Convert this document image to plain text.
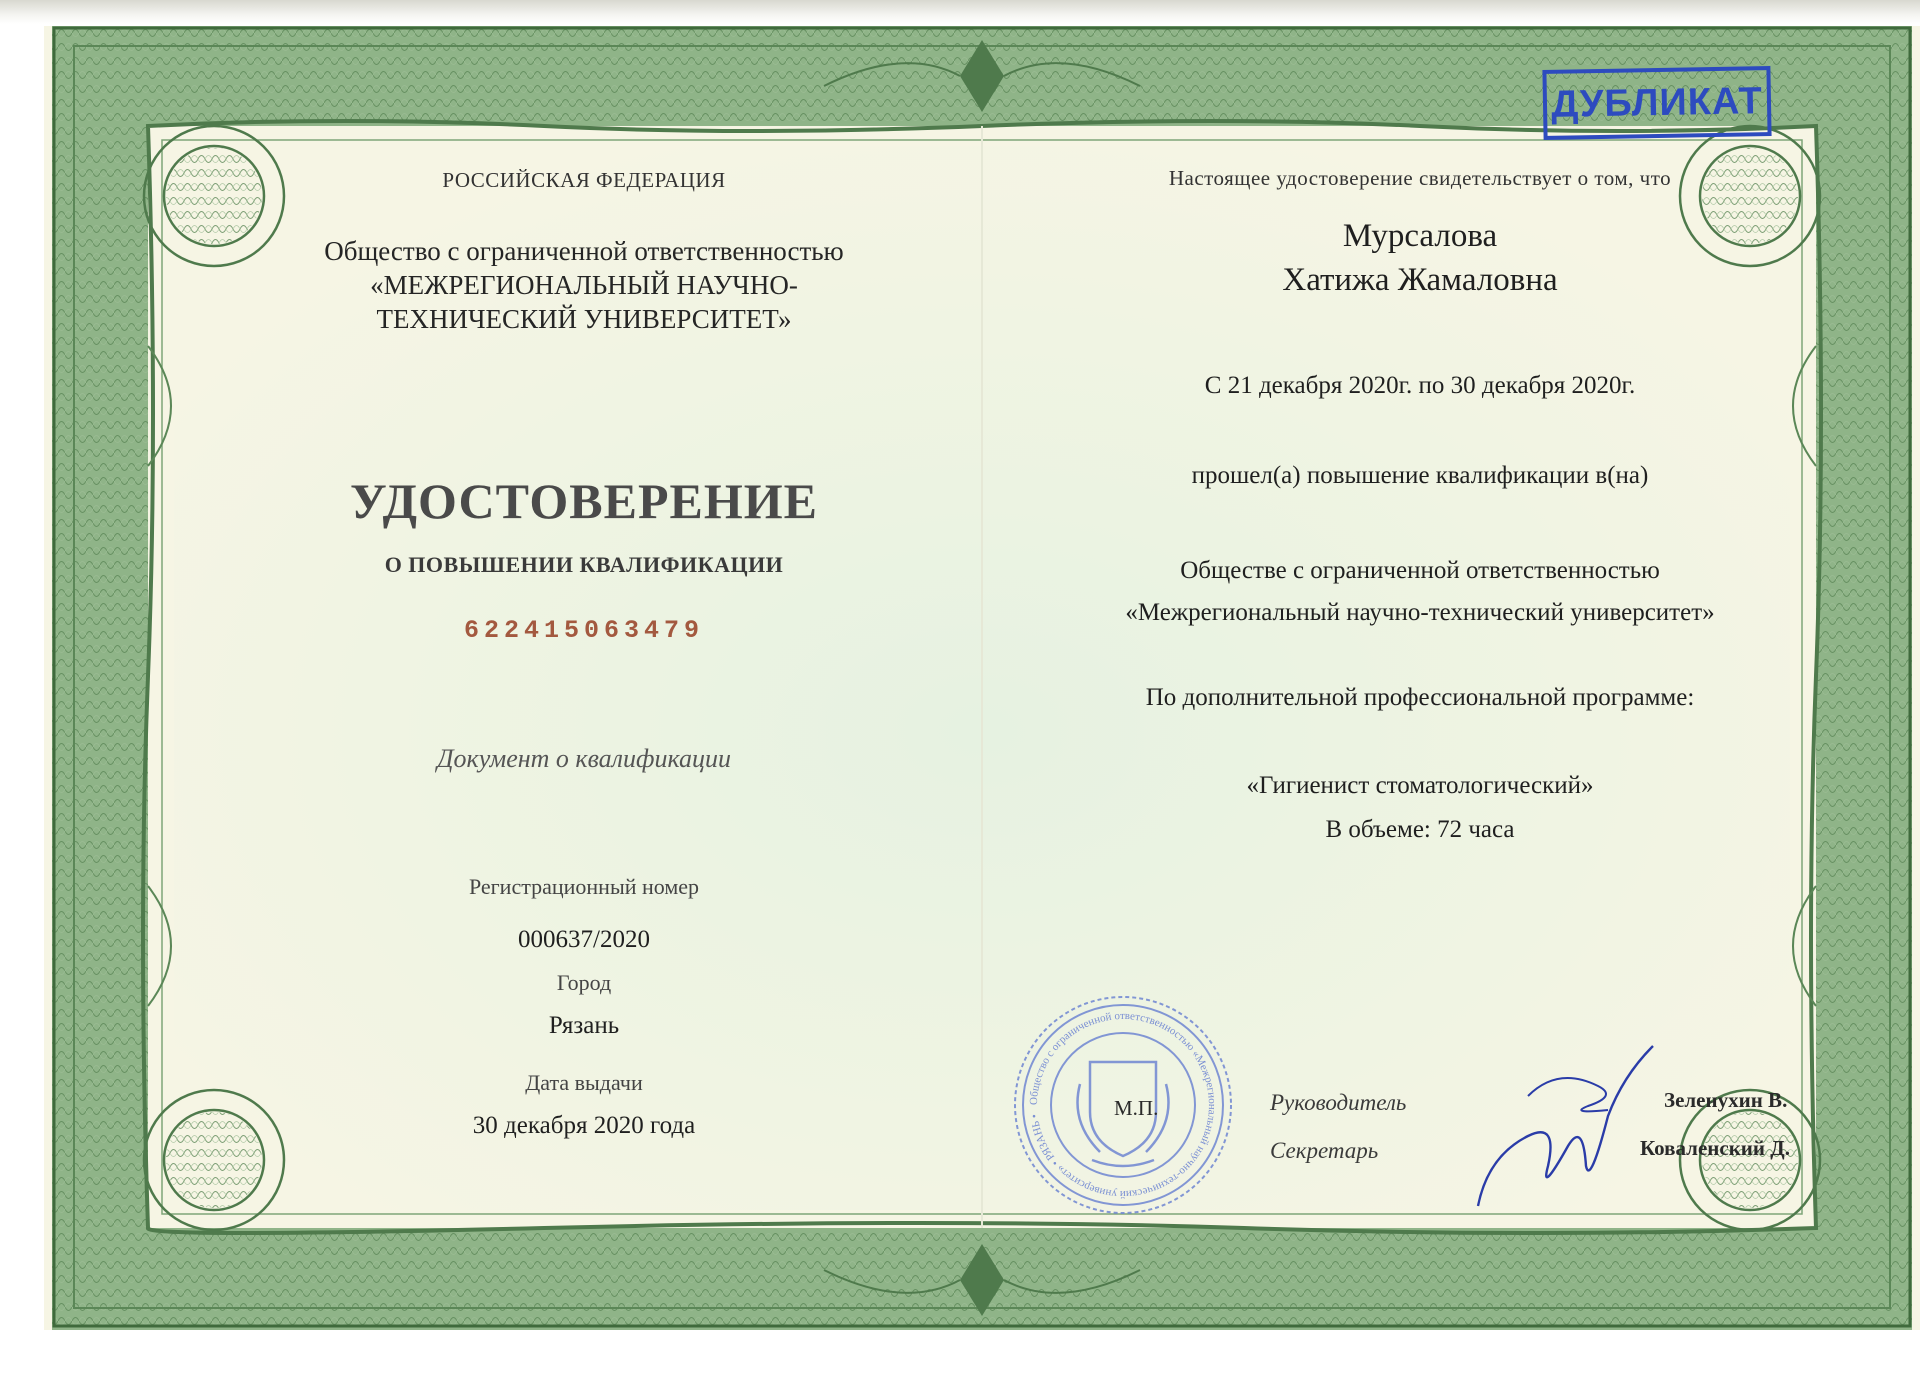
РОССИЙСКАЯ ФЕДЕРАЦИЯ
Общество с ограниченной ответственностью
«МЕЖРЕГИОНАЛЬНЫЙ НАУЧНО-
ТЕХНИЧЕСКИЙ УНИВЕРСИТЕТ»
УДОСТОВЕРЕНИЕ
О ПОВЫШЕНИИ КВАЛИФИКАЦИИ
622415063479
Документ о квалификации
Регистрационный номер
000637/2020
Город
Рязань
Дата выдачи
30 декабря 2020 года
ДУБЛИКАТ
Настоящее удостоверение свидетельствует о том, что
Мурсалова
Хатижа Жамаловна
С 21 декабря 2020г. по 30 декабря 2020г.
прошел(а) повышение квалификации в(на)
Обществе с ограниченной ответственностью
«Межрегиональный научно-технический университет»
По дополнительной профессиональной программе:
«Гигиенист стоматологический»
В объеме: 72 часа
Общество с ограниченной ответственностью «Межрегиональный научно-технический университет» • РЯЗАНЬ •	М.П.	Руководитель
Секретарь
Зеленухин В.
Коваленский Д.
